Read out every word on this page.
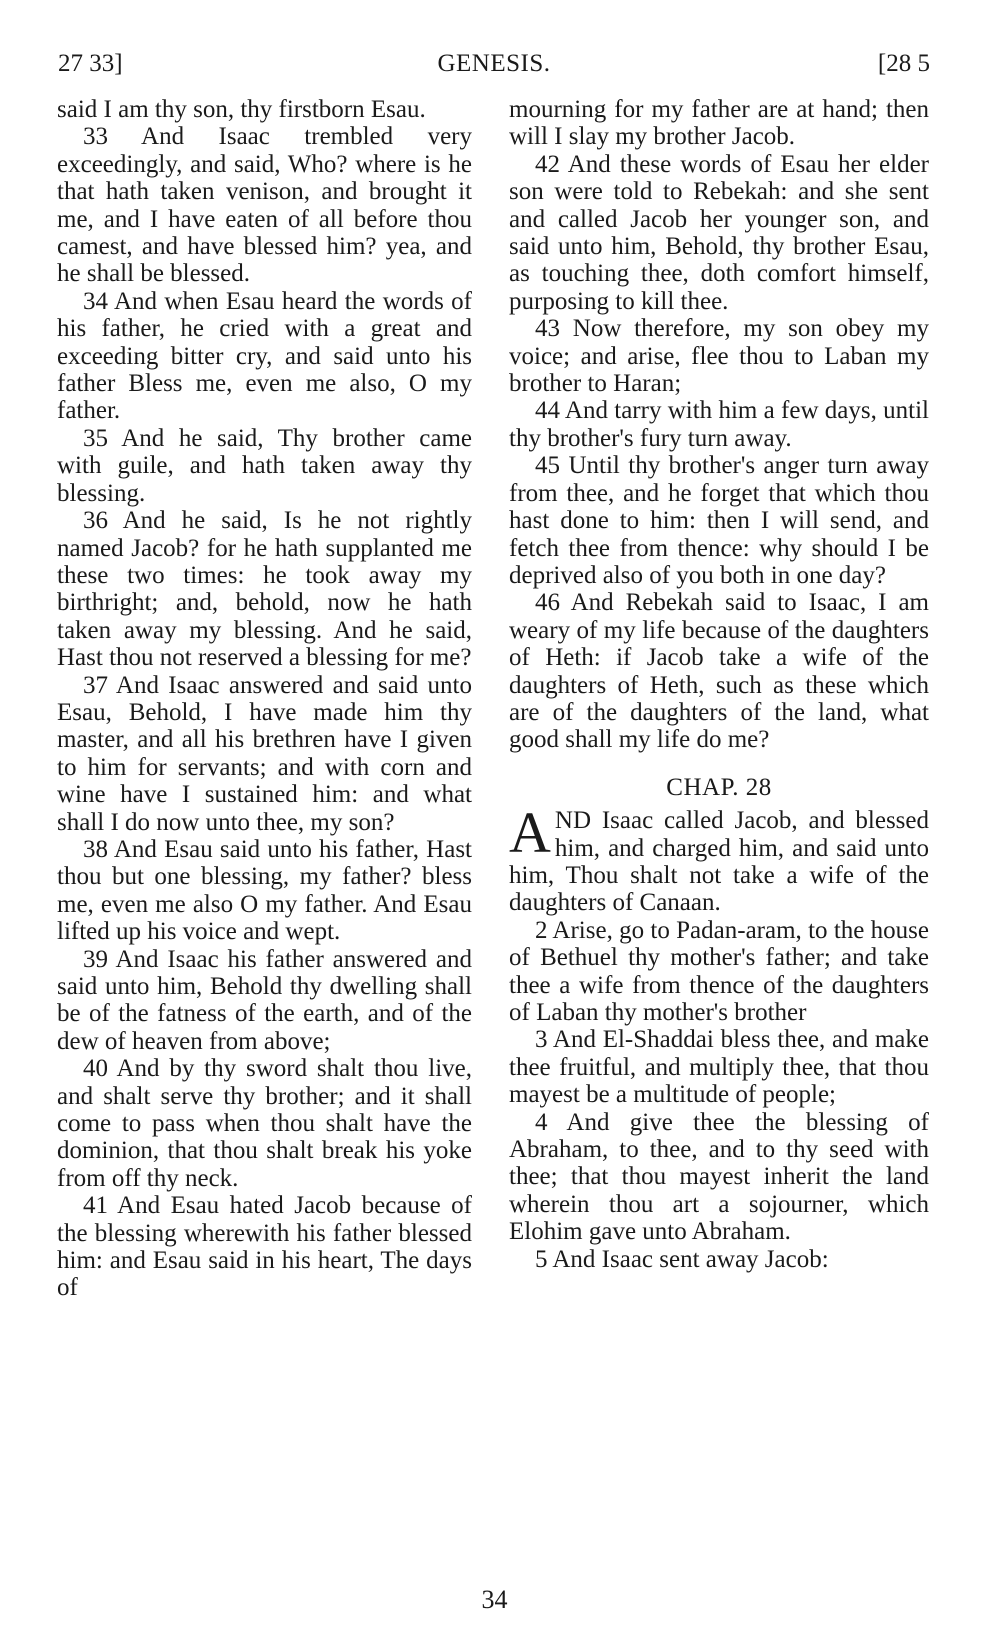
27 33]	GENESIS.	[28 5

said I am thy son, thy firstborn Esau.

33 And Isaac trembled very exceedingly, and said, Who? where is he that hath taken venison, and brought it me, and I have eaten of all before thou camest, and have blessed him? yea, and he shall be blessed.

34 And when Esau heard the words of his father, he cried with a great and exceeding bitter cry, and said unto his father Bless me, even me also, O my father.

35 And he said, Thy brother came with guile, and hath taken away thy blessing.

36 And he said, Is he not rightly named Jacob? for he hath supplanted me these two times: he took away my birthright; and, behold, now he hath taken away my blessing. And he said, Hast thou not reserved a blessing for me?

37 And Isaac answered and said unto Esau, Behold, I have made him thy master, and all his brethren have I given to him for servants; and with corn and wine have I sustained him: and what shall I do now unto thee, my son?

38 And Esau said unto his father, Hast thou but one blessing, my father? bless me, even me also O my father. And Esau lifted up his voice and wept.

39 And Isaac his father answered and said unto him, Behold thy dwelling shall be of the fatness of the earth, and of the dew of heaven from above;

40 And by thy sword shalt thou live, and shalt serve thy brother; and it shall come to pass when thou shalt have the dominion, that thou shalt break his yoke from off thy neck.

41 And Esau hated Jacob because of the blessing wherewith his father blessed him: and Esau said in his heart, The days of

mourning for my father are at hand; then will I slay my brother Jacob.

42 And these words of Esau her elder son were told to Rebekah: and she sent and called Jacob her younger son, and said unto him, Behold, thy brother Esau, as touching thee, doth comfort himself, purposing to kill thee.

43 Now therefore, my son obey my voice; and arise, flee thou to Laban my brother to Haran;

44 And tarry with him a few days, until thy brother's fury turn away.

45 Until thy brother's anger turn away from thee, and he forget that which thou hast done to him: then I will send, and fetch thee from thence: why should I be deprived also of you both in one day?

46 And Rebekah said to Isaac, I am weary of my life because of the daughters of Heth: if Jacob take a wife of the daughters of Heth, such as these which are of the daughters of the land, what good shall my life do me?

CHAP. 28

AND Isaac called Jacob, and blessed him, and charged him, and said unto him, Thou shalt not take a wife of the daughters of Canaan.

2 Arise, go to Padan-aram, to the house of Bethuel thy mother's father; and take thee a wife from thence of the daughters of Laban thy mother's brother

3 And El-Shaddai bless thee, and make thee fruitful, and multiply thee, that thou mayest be a multitude of people;

4 And give thee the blessing of Abraham, to thee, and to thy seed with thee; that thou mayest inherit the land wherein thou art a sojourner, which Elohim gave unto Abraham.

5 And Isaac sent away Jacob:

34
